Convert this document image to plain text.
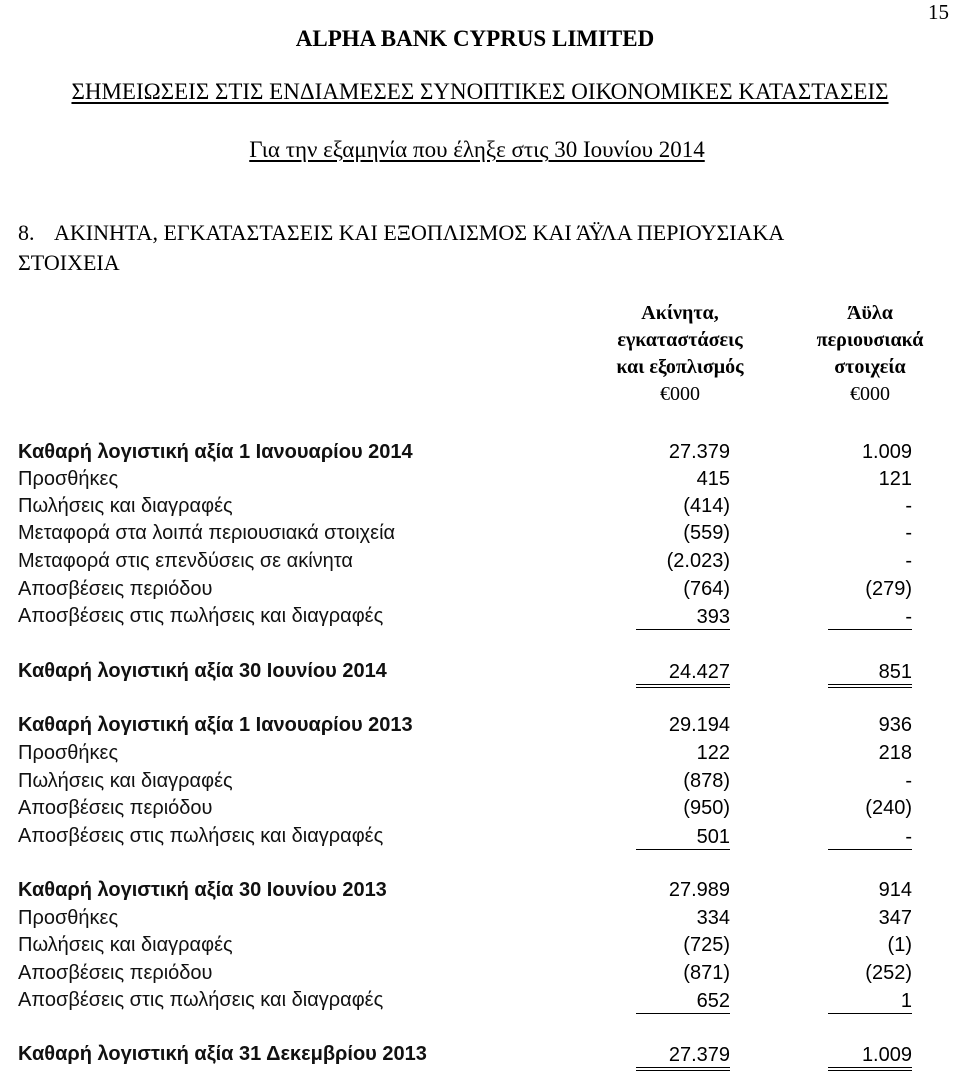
15
ALPHA BANK CYPRUS LIMITED
ΣΗΜΕΙΩΣΕΙΣ ΣΤΙΣ ΕΝΔΙΑΜΕΣΕΣ ΣΥΝΟΠΤΙΚΕΣ ΟΙΚΟΝΟΜΙΚΕΣ ΚΑΤΑΣΤΑΣΕΙΣ
Για την εξαμηνία που έληξε στις 30 Ιουνίου 2014
8. ΑΚΙΝΗΤΑ, ΕΓΚΑΤΑΣΤΑΣΕΙΣ ΚΑΙ ΕΞΟΠΛΙΣΜΟΣ ΚΑΙ ΆΫΛΑ ΠΕΡΙΟΥΣΙΑΚΑ
ΣΤΟΙΧΕΙΑ
Ακίνητα,
εγκαταστάσεις
και εξοπλισμός
€000
Άϋλα
περιουσιακά
στοιχεία
€000
Καθαρή λογιστική αξία 1 Ιανουαρίου 2014	27.379	1.009
Προσθήκες	415	121
Πωλήσεις και διαγραφές	(414)	-
Μεταφορά στα λοιπά περιουσιακά στοιχεία	(559)	-
Μεταφορά στις επενδύσεις σε ακίνητα	(2.023)	-
Αποσβέσεις περιόδου	(764)	(279)
Αποσβέσεις στις πωλήσεις και διαγραφές	393	-
Καθαρή λογιστική αξία 30 Ιουνίου 2014	24.427	851
Καθαρή λογιστική αξία 1 Ιανουαρίου 2013	29.194	936
Προσθήκες	122	218
Πωλήσεις και διαγραφές	(878)	-
Αποσβέσεις περιόδου	(950)	(240)
Αποσβέσεις στις πωλήσεις και διαγραφές	501	-
Καθαρή λογιστική αξία 30 Ιουνίου 2013	27.989	914
Προσθήκες	334	347
Πωλήσεις και διαγραφές	(725)	(1)
Αποσβέσεις περιόδου	(871)	(252)
Αποσβέσεις στις πωλήσεις και διαγραφές	652	1
Καθαρή λογιστική αξία 31 Δεκεμβρίου 2013	27.379	1.009
